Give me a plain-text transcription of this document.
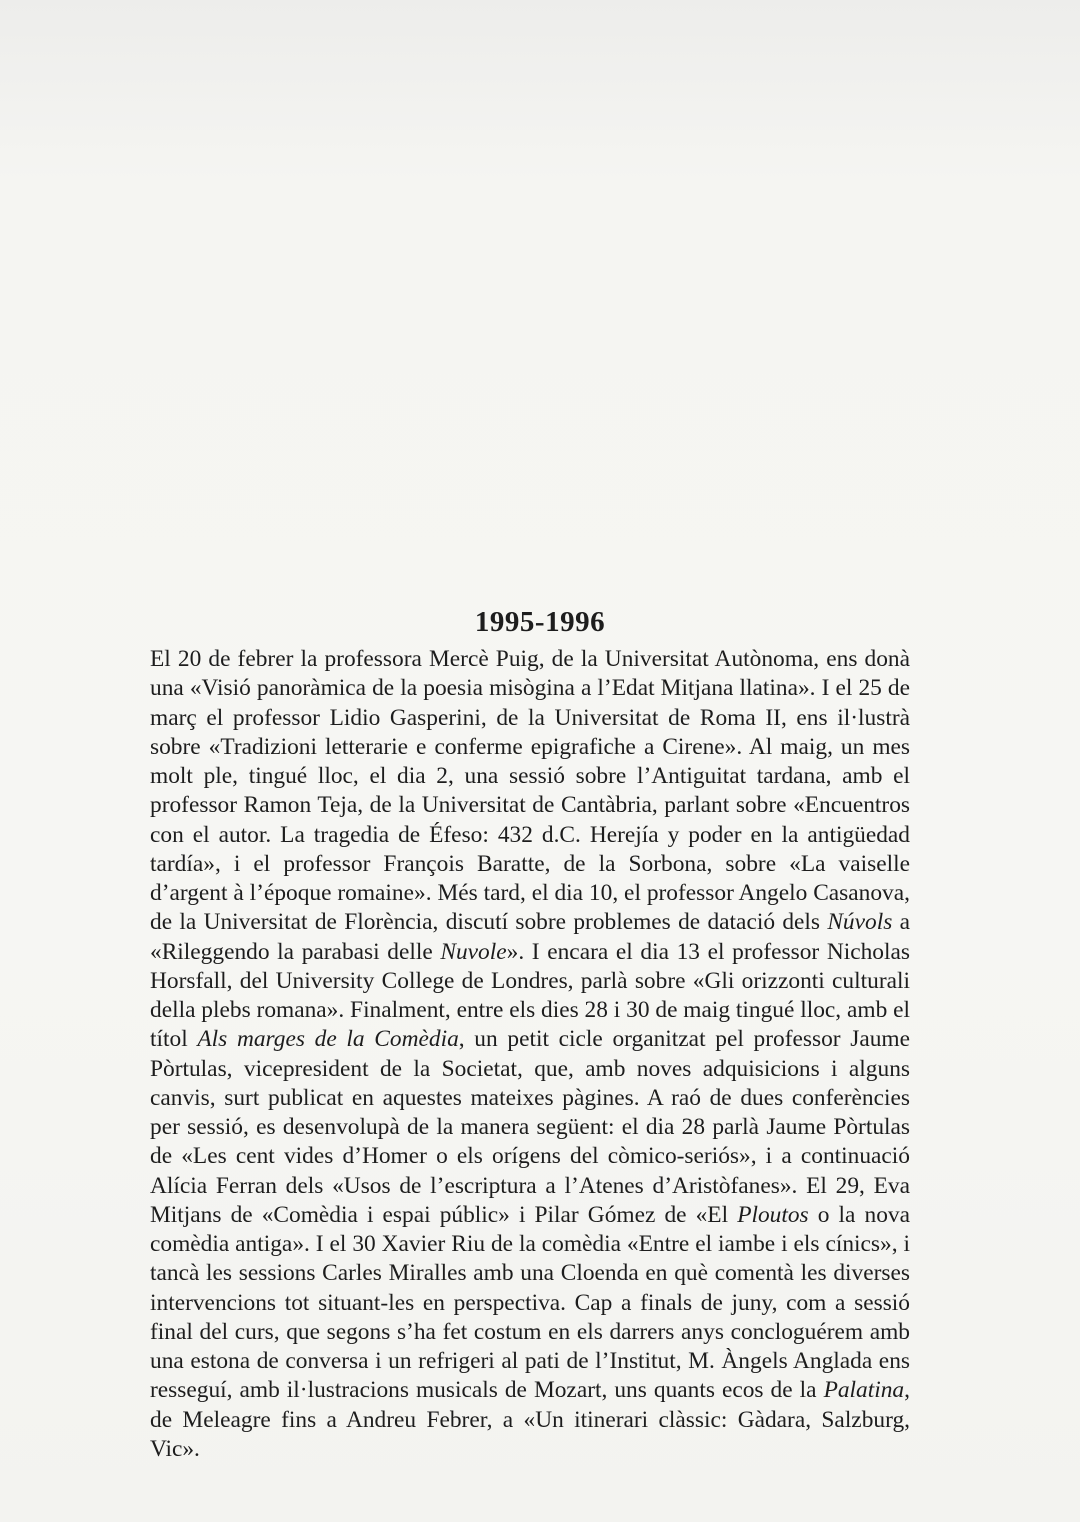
1995-1996

El 20 de febrer la professora Mercè Puig, de la Universitat Autònoma, ens donà una «Visió panoràmica de la poesia misògina a l’Edat Mitjana llatina». I el 25 de març el professor Lidio Gasperini, de la Universitat de Roma II, ens il·lustrà sobre «Tradizioni letterarie e conferme epigrafiche a Cirene». Al maig, un mes molt ple, tingué lloc, el dia 2, una sessió sobre l’Antiguitat tardana, amb el professor Ramon Teja, de la Universitat de Cantàbria, parlant sobre «Encuentros con el autor. La tragedia de Éfeso: 432 d.C. Herejía y poder en la antigüedad tardía», i el professor François Baratte, de la Sorbona, sobre «La vaiselle d’argent à l’époque romaine». Més tard, el dia 10, el professor Angelo Casanova, de la Universitat de Florència, discutí sobre problemes de datació dels Núvols a «Rileggendo la parabasi delle Nuvole». I encara el dia 13 el professor Nicholas Horsfall, del University College de Londres, parlà sobre «Gli orizzonti culturali della plebs romana». Finalment, entre els dies 28 i 30 de maig tingué lloc, amb el títol Als marges de la Comèdia, un petit cicle organitzat pel professor Jaume Pòrtulas, vicepresident de la Societat, que, amb noves adquisicions i alguns canvis, surt publicat en aquestes mateixes pàgines. A raó de dues conferències per sessió, es desenvolupà de la manera següent: el dia 28 parlà Jaume Pòrtulas de «Les cent vides d’Homer o els orígens del còmico-seriós», i a continuació Alícia Ferran dels «Usos de l’escriptura a l’Atenes d’Aristòfanes». El 29, Eva Mitjans de «Comèdia i espai públic» i Pilar Gómez de «El Ploutos o la nova comèdia antiga». I el 30 Xavier Riu de la comèdia «Entre el iambe i els cínics», i tancà les sessions Carles Miralles amb una Cloenda en què comentà les diverses intervencions tot situant-les en perspectiva. Cap a finals de juny, com a sessió final del curs, que segons s’ha fet costum en els darrers anys concloguérem amb una estona de conversa i un refrigeri al pati de l’Institut, M. Àngels Anglada ens resseguí, amb il·lustracions musicals de Mozart, uns quants ecos de la Palatina, de Meleagre fins a Andreu Febrer, a «Un itinerari clàssic: Gàdara, Salzburg, Vic».
